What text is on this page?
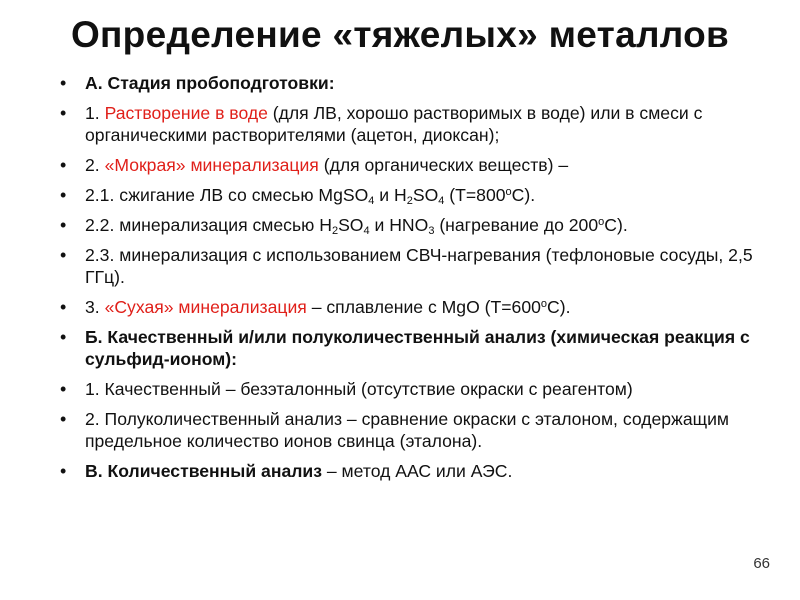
Определение «тяжелых» металлов
• А. Стадия пробоподготовки:
• 1. Растворение в воде (для ЛВ, хорошо растворимых в воде) или в смеси с органическими растворителями (ацетон, диоксан);
• 2. «Мокрая» минерализация (для органических веществ) –
• 2.1. сжигание ЛВ со смесью MgSO$_4$ и $H_2SO_4$ $(T=800^oC)$.
• 2.2. минерализация смесью $H_2SO_4$ и $HNO_3$ (нагревание до 200$^o$C).
• 2.3. минерализация с использованием СВЧ-нагревания (тефлоновые сосуды, 2,5 ГГц).
• 3. «Сухая» минерализация – сплавление с MgO $(T=600^oC)$.
• Б. Качественный и/или полуколичественный анализ (химическая реакция с сульфид-ионом):
• 1. Качественный – безэталонный (отсутствие окраски с реагентом)
• 2. Полуколичественный анализ – сравнение окраски с эталоном, содержащим предельное количество ионов свинца (эталона).
• В. Количественный анализ – метод ААС или АЭС.
66
